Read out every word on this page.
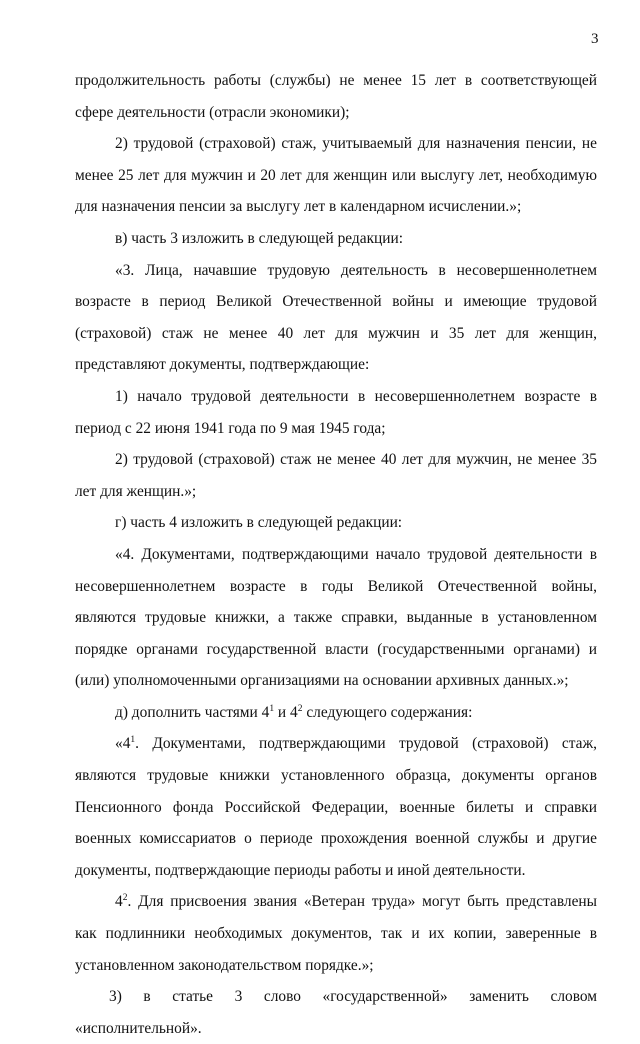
3

продолжительность работы (службы) не менее 15 лет в соответствующей сфере деятельности (отрасли экономики);

2) трудовой (страховой) стаж, учитываемый для назначения пенсии, не менее 25 лет для мужчин и 20 лет для женщин или выслугу лет, необходимую для назначения пенсии за выслугу лет в календарном исчислении.»;

в) часть 3 изложить в следующей редакции:

«3. Лица, начавшие трудовую деятельность в несовершеннолетнем возрасте в период Великой Отечественной войны и имеющие трудовой (страховой) стаж не менее 40 лет для мужчин и 35 лет для женщин, представляют документы, подтверждающие:

1) начало трудовой деятельности в несовершеннолетнем возрасте в период с 22 июня 1941 года по 9 мая 1945 года;

2) трудовой (страховой) стаж не менее 40 лет для мужчин, не менее 35 лет для женщин.»;

г) часть 4 изложить в следующей редакции:

«4. Документами, подтверждающими начало трудовой деятельности в несовершеннолетнем возрасте в годы Великой Отечественной войны, являются трудовые книжки, а также справки, выданные в установленном порядке органами государственной власти (государственными органами) и (или) уполномоченными организациями на основании архивных данных.»;

д) дополнить частями $4^1$ и $4^2$ следующего содержания:

«$4^1$. Документами, подтверждающими трудовой (страховой) стаж, являются трудовые книжки установленного образца, документы органов Пенсионного фонда Российской Федерации, военные билеты и справки военных комиссариатов о периоде прохождения военной службы и другие документы, подтверждающие периоды работы и иной деятельности.

$4^2$. Для присвоения звания «Ветеран труда» могут быть представлены как подлинники необходимых документов, так и их копии, заверенные в установленном законодательством порядке.»;

3) в статье 3 слово «государственной» заменить словом «исполнительной».
